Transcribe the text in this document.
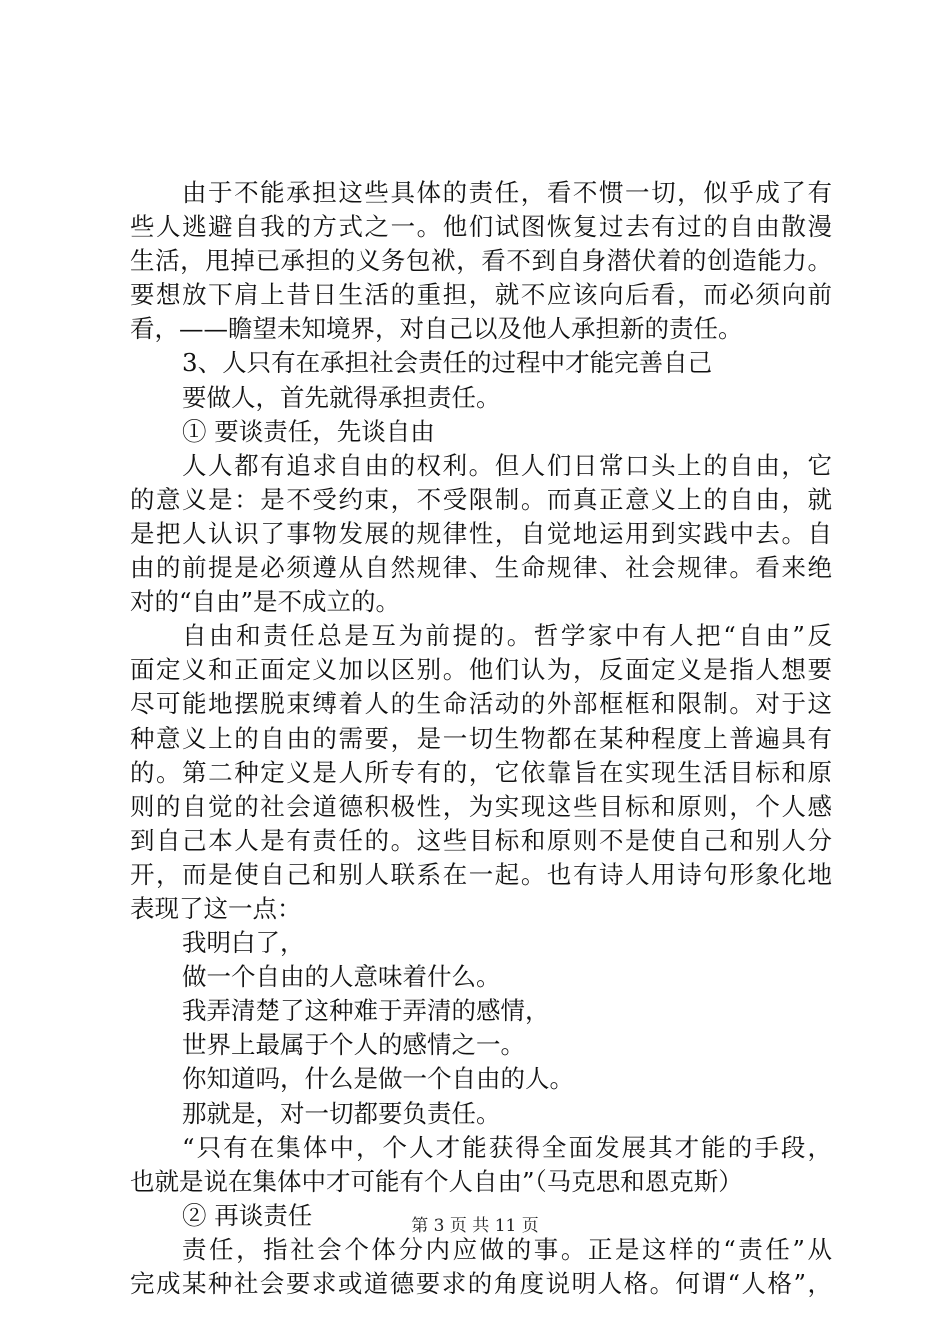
由于不能承担这些具体的责任，看不惯一切，似乎成了有
些人逃避自我的方式之一。他们试图恢复过去有过的自由散漫
生活，甩掉已承担的义务包袱，看不到自身潜伏着的创造能力。
要想放下肩上昔日生活的重担，就不应该向后看，而必须向前
看，——瞻望未知境界，对自己以及他人承担新的责任。
3、人只有在承担社会责任的过程中才能完善自己
要做人，首先就得承担责任。
① 要谈责任，先谈自由
人人都有追求自由的权利。但人们日常口头上的自由，它
的意义是：是不受约束，不受限制。而真正意义上的自由，就
是把人认识了事物发展的规律性，自觉地运用到实践中去。自
由的前提是必须遵从自然规律、生命规律、社会规律。看来绝
对的“自由”是不成立的。
自由和责任总是互为前提的。哲学家中有人把“自由”反
面定义和正面定义加以区别。他们认为，反面定义是指人想要
尽可能地摆脱束缚着人的生命活动的外部框框和限制。对于这
种意义上的自由的需要，是一切生物都在某种程度上普遍具有
的。第二种定义是人所专有的，它依靠旨在实现生活目标和原
则的自觉的社会道德积极性，为实现这些目标和原则，个人感
到自己本人是有责任的。这些目标和原则不是使自己和别人分
开，而是使自己和别人联系在一起。也有诗人用诗句形象化地
表现了这一点：
我明白了，
做一个自由的人意味着什么。
我弄清楚了这种难于弄清的感情，
世界上最属于个人的感情之一。
你知道吗，什么是做一个自由的人。
那就是，对一切都要负责任。
“只有在集体中，个人才能获得全面发展其才能的手段，
也就是说在集体中才可能有个人自由”（马克思和恩克斯）
② 再谈责任
责任，指社会个体分内应做的事。正是这样的“责任”从
完成某种社会要求或道德要求的角度说明人格。何谓“人格”，
第 3 页 共 11 页
